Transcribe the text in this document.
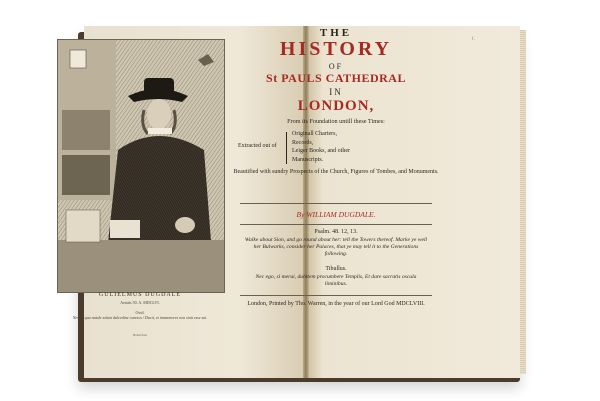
GULIELMUS DUGDALE
Aetatis 50. A. MDCLVI.
Ovid.
Nescio qua natale solum dulcedine cunctos / Ducit, et immemores non sinit esse sui.
Hollar fecit
f.
THE
HISTORY
OF
St PAULS CATHEDRAL
IN
LONDON,
From its Foundation untill these Times:
Extracted out of
Originall Charters,
Records,
Leiger Books, and other
Manuscripts.
Beautified with sundry Prospects of the Church, Figures of Tombes, and Monuments.
By WILLIAM DUGDALE.
Psalm. 48. 12, 13.
Walke about Sion, and go round about her: tell the Towers thereof. Marke ye well her Bulwarks, consider her Palaces, that ye may tell it to the Generations following.
Tibullus.
Nec ego, si merui, dubitem procumbere Templis, Et dare sacratis oscula liminibus.
London, Printed by Tho. Warren, in the year of our Lord God MDCLVIII.
